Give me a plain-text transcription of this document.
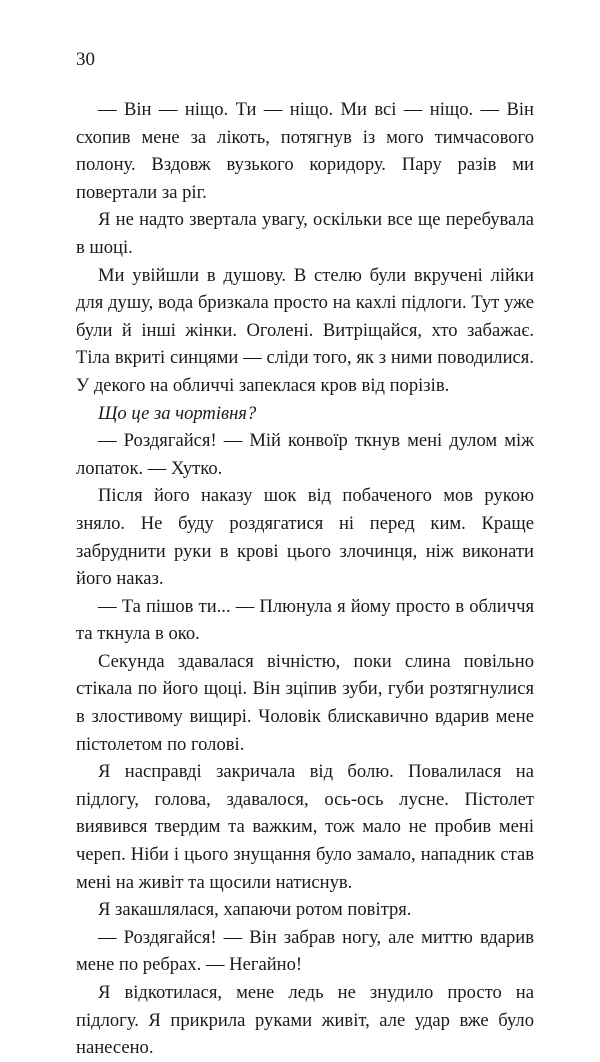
30

— Він — ніщо. Ти — ніщо. Ми всі — ніщо. — Він схопив мене за лікоть, потягнув із мого тимчасового полону. Вздовж вузького коридору. Пару разів ми повертали за ріг.

Я не надто звертала увагу, оскільки все ще перебувала в шоці.

Ми увійшли в душову. В стелю були вкручені лійки для душу, вода бризкала просто на кахлі підлоги. Тут уже були й інші жінки. Оголені. Витріщайся, хто забажає. Тіла вкриті синцями — сліди того, як з ними поводилися. У декого на обличчі запеклася кров від порізів.

Що це за чортівня?

— Роздягайся! — Мій конвоїр ткнув мені дулом між лопаток. — Хутко.

Після його наказу шок від побаченого мов рукою зняло. Не буду роздягатися ні перед ким. Краще забруднити руки в крові цього злочинця, ніж виконати його наказ.

— Та пішов ти... — Плюнула я йому просто в обличчя та ткнула в око.

Секунда здавалася вічністю, поки слина повільно стікала по його щоці. Він зціпив зуби, губи розтягнулися в злостивому вищирі. Чоловік блискавично вдарив мене пістолетом по голові.

Я насправді закричала від болю. Повалилася на підлогу, голова, здавалося, ось-ось лусне. Пістолет виявився твердим та важким, тож мало не пробив мені череп. Ніби і цього знущання було замало, нападник став мені на живіт та щосили натиснув.

Я закашлялася, хапаючи ротом повітря.

— Роздягайся! — Він забрав ногу, але миттю вдарив мене по ребрах. — Негайно!

Я відкотилася, мене ледь не знудило просто на підлогу. Я прикрила руками живіт, але удар вже було нанесено.
